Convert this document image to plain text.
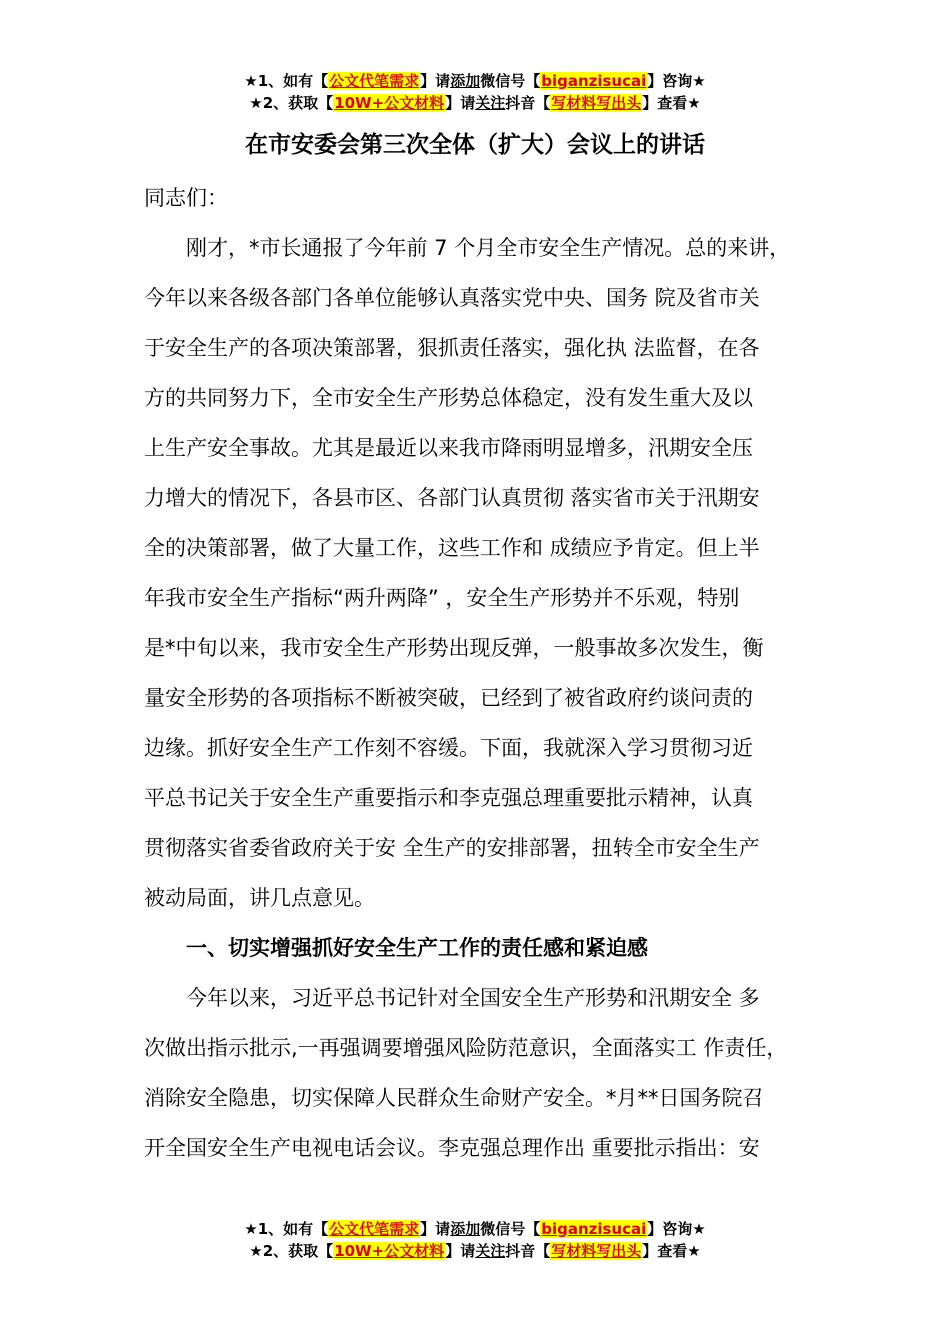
★1、如有【公文代笔需求】请添加微信号【biganzisucai】咨询★
★2、获取【10W+公文材料】请关注抖音【写材料写出头】查看★
在市安委会第三次全体（扩大）会议上的讲话
同志们：
　　刚才，*市长通报了今年前 7 个月全市安全生产情况。总的来讲，
今年以来各级各部门各单位能够认真落实党中央、国务 院及省市关
于安全生产的各项决策部署，狠抓责任落实，强化执 法监督，在各
方的共同努力下，全市安全生产形势总体稳定，没有发生重大及以
上生产安全事故。尤其是最近以来我市降雨明显增多，汛期安全压
力增大的情况下，各县市区、各部门认真贯彻 落实省市关于汛期安
全的决策部署，做了大量工作，这些工作和 成绩应予肯定。但上半
年我市安全生产指标“两升两降” ，安全生产形势并不乐观，特别
是*中旬以来，我市安全生产形势出现反弹，一般事故多次发生，衡
量安全形势的各项指标不断被突破，已经到了被省政府约谈问责的
边缘。抓好安全生产工作刻不容缓。下面，我就深入学习贯彻习近
平总书记关于安全生产重要指示和李克强总理重要批示精神，认真
贯彻落实省委省政府关于安 全生产的安排部署，扭转全市安全生产
被动局面，讲几点意见。
　　一、切实增强抓好安全生产工作的责任感和紧迫感
　　今年以来，习近平总书记针对全国安全生产形势和汛期安全 多
次做出指示批示,一再强调要增强风险防范意识，全面落实工 作责任，
消除安全隐患，切实保障人民群众生命财产安全。*月**日国务院召
开全国安全生产电视电话会议。李克强总理作出 重要批示指出：安
★1、如有【公文代笔需求】请添加微信号【biganzisucai】咨询★
★2、获取【10W+公文材料】请关注抖音【写材料写出头】查看★
